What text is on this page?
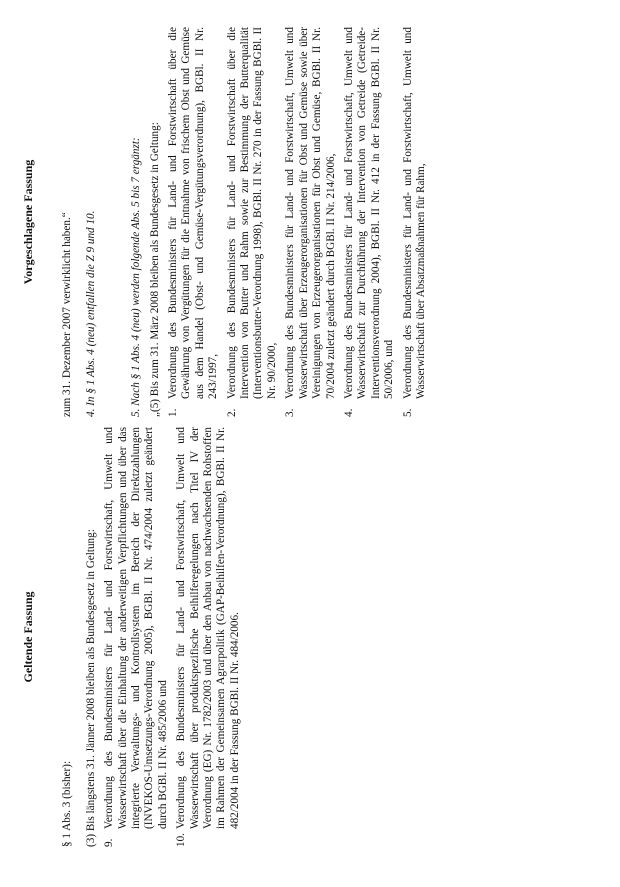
Geltende Fassung
§ 1 Abs. 3 (bisher): (3) Bis längstens 31. Jänner 2008 bleiben als Bundesgesetz in Geltung: 9.
Verordnung des Bundesministers für Land- und Forstwirtschaft, Umwelt und Wasserwirtschaft über die Einhaltung der anderweitigen Verpflichtungen und über das integrierte Verwaltungs- und Kontrollsystem im Bereich der Direktzahlungen (INVEKOS-Umsetzungs-Verordnung 2005), BGBl. II Nr. 474/2004 zuletzt geändert durch BGBl. II Nr. 485/2006 und
10.
Verordnung des Bundesministers für Land- und Forstwirtschaft, Umwelt und Wasserwirtschaft über produktspezifische Beihilferegelungen nach Titel IV der Verordnung (EG) Nr. 1782/2003 und über den Anbau von nachwachsenden Rohstoffen im Rahmen der Gemeinsamen Agrarpolitik (GAP-Beihilfen-Verordnung), BGBl. II Nr. 482/2004 in der Fassung BGBl. II Nr. 484/2006.
Vorgeschlagene Fassung zum 31. Dezember 2007 verwirklicht haben.“ 4. In § 1 Abs. 4 (neu) entfallen die Z 9 und 10.	5. Nach § 1 Abs. 4 (neu) werden folgende Abs. 5 bis 7 ergänzt: „(5) Bis zum 31. März 2008 bleiben als Bundesgesetz in Geltung: 1.
Verordnung des Bundesministers für Land- und Forstwirtschaft über die Gewährung von Vergütungen für die Entnahme von frischem Obst und Gemüse aus dem Handel (Obst- und Gemüse-Vergütungsverordnung), BGBl. II Nr. 243/1997,
2.
Verordnung des Bundesministers für Land- und Forstwirtschaft über die Intervention von Butter und Rahm sowie zur Bestimmung der Butterqualität (Interventionsbutter-Verordnung 1998), BGBl. II Nr. 270 in der Fassung BGBl. II Nr. 90/2000,
3.
Verordnung des Bundesministers für Land- und Forstwirtschaft, Umwelt und Wasserwirtschaft über Erzeugerorganisationen für Obst und Gemüse sowie über Vereinigungen von Erzeugerorganisationen für Obst und Gemüse, BGBl. II Nr. 70/2004 zuletzt geändert durch BGBl. II Nr. 214/2006,
4.
Verordnung des Bundesministers für Land- und Forstwirtschaft, Umwelt und Wasserwirtschaft zur Durchführung der Intervention von Getreide (Getreide-Interventionsverordnung 2004), BGBl. II Nr. 412 in der Fassung BGBl. II Nr. 50/2006, und
5.
Verordnung des Bundesministers für Land- und Forstwirtschaft, Umwelt und Wasserwirtschaft über Absatzmaßnahmen für Rahm,
